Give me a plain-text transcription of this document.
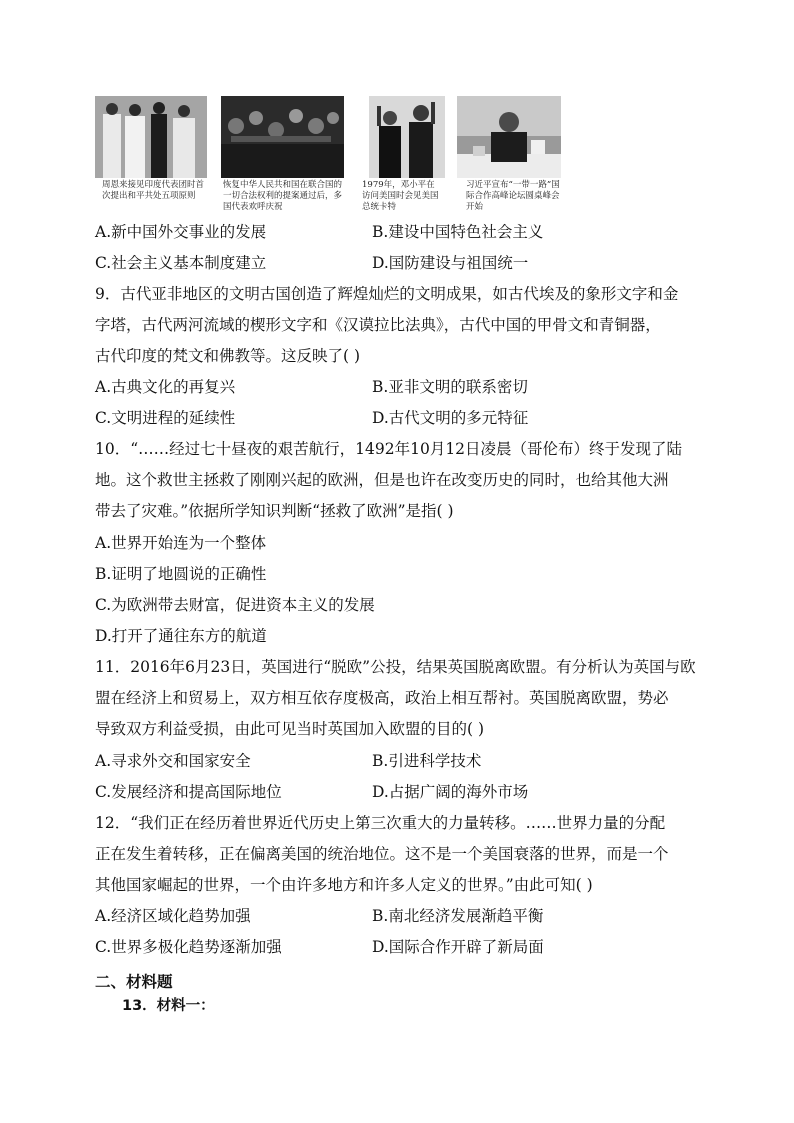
周恩来接见印度代表团时首次提出和平共处五项原则
恢复中华人民共和国在联合国的一切合法权利的提案通过后，多国代表欢呼庆祝
1979年，邓小平在访问美国时会见美国总统卡特
习近平宣布“一带一路”国际合作高峰论坛圆桌峰会开始
A.新中国外交事业的发展	B.建设中国特色社会主义
C.社会主义基本制度建立	D.国防建设与祖国统一
9．古代亚非地区的文明古国创造了辉煌灿烂的文明成果，如古代埃及的象形文字和金
字塔，古代两河流域的楔形文字和《汉谟拉比法典》，古代中国的甲骨文和青铜器，
古代印度的梵文和佛教等。这反映了( )
A.古典文化的再复兴	B.亚非文明的联系密切
C.文明进程的延续性	D.古代文明的多元特征
10．“……经过七十昼夜的艰苦航行，1492年10月12日凌晨（哥伦布）终于发现了陆
地。这个救世主拯救了刚刚兴起的欧洲，但是也许在改变历史的同时，也给其他大洲
带去了灾难。”依据所学知识判断“拯救了欧洲”是指( )
A.世界开始连为一个整体
B.证明了地圆说的正确性
C.为欧洲带去财富，促进资本主义的发展
D.打开了通往东方的航道
11．2016年6月23日，英国进行“脱欧”公投，结果英国脱离欧盟。有分析认为英国与欧
盟在经济上和贸易上，双方相互依存度极高，政治上相互帮衬。英国脱离欧盟，势必
导致双方利益受损，由此可见当时英国加入欧盟的目的( )
A.寻求外交和国家安全	B.引进科学技术
C.发展经济和提高国际地位	D.占据广阔的海外市场
12．“我们正在经历着世界近代历史上第三次重大的力量转移。……世界力量的分配
正在发生着转移，正在偏离美国的统治地位。这不是一个美国衰落的世界，而是一个
其他国家崛起的世界，一个由许多地方和许多人定义的世界。”由此可知( )
A.经济区域化趋势加强	B.南北经济发展渐趋平衡
C.世界多极化趋势逐渐加强	D.国际合作开辟了新局面
二、材料题
13．材料一：
